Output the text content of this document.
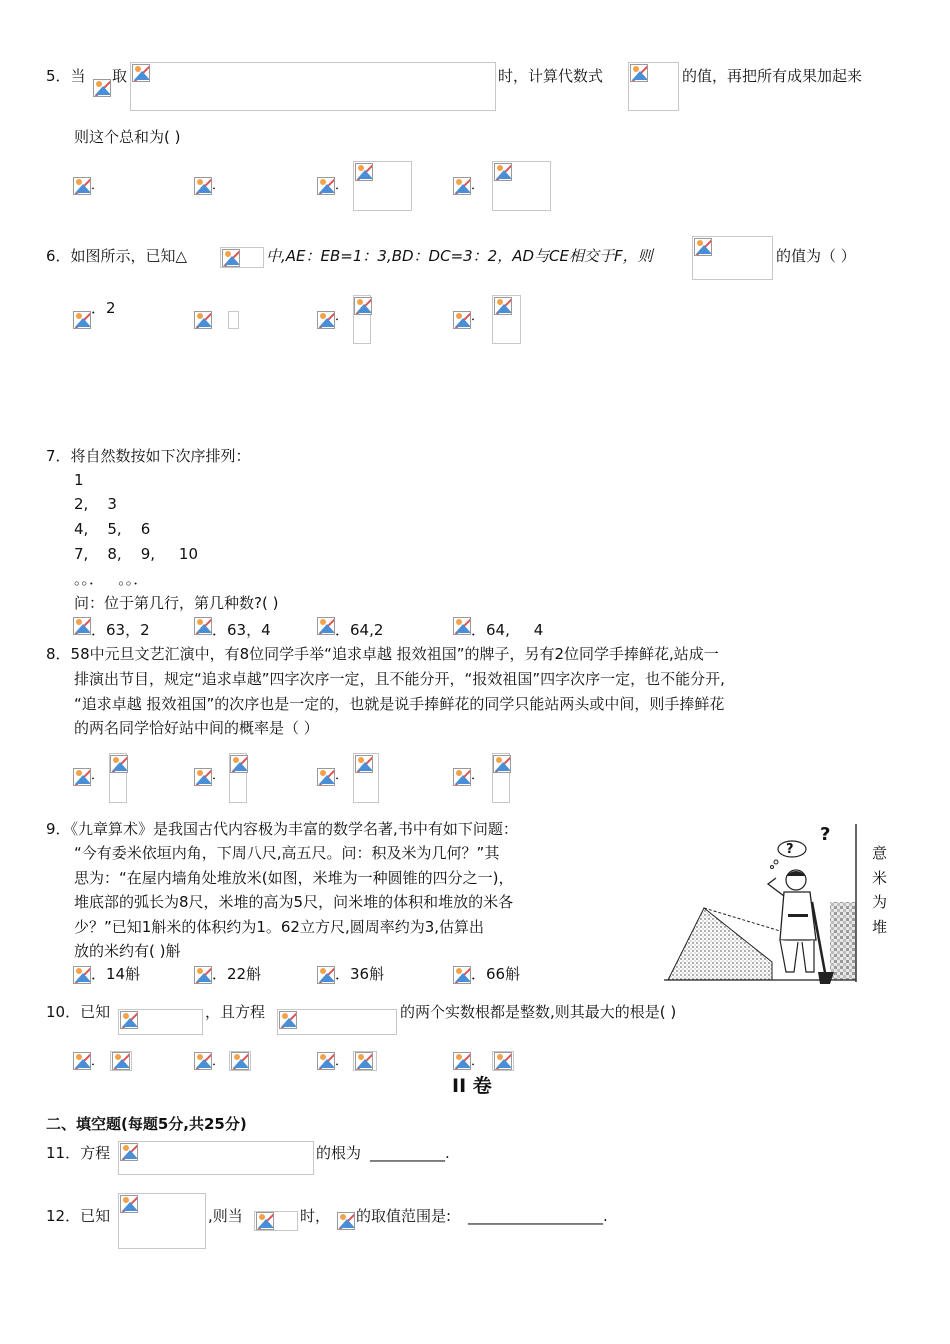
5．当 取	时，计算代数式	的值，再把所有成果加起来
则这个总和为( )
．	．	．	．
6．如图所示，已知△	中,AE：EB=1：3,BD：DC=3：2，AD与CE相交于F，则	的值为（ ）
．2	．	．
7．将自然数按如下次序排列：
1
2,    3
4,    5,    6
7,    8,    9,     10
。。．   。。．
问：位于第几行，第几种数?( )
．63，2	．63，4	．64,2	．64,     4
8．58中元旦文艺汇演中，有8位同学手举“追求卓越 报效祖国”的牌子，另有2位同学手捧鲜花,站成一
排演出节目，规定“追求卓越”四字次序一定，且不能分开，“报效祖国”四字次序一定，也不能分开,
“追求卓越 报效祖国”的次序也是一定的，也就是说手捧鲜花的同学只能站两头或中间，则手捧鲜花
的两名同学恰好站中间的概率是（ ）
．	．	．	．
9．《九章算术》是我国古代内容极为丰富的数学名著,书中有如下问题：
“今有委米依垣内角，下周八尺,高五尺。问：积及米为几何？”其
思为：“在屋内墙角处堆放米(如图，米堆为一种圆锥的四分之一)，
堆底部的弧长为8尺，米堆的高为5尺，问米堆的体积和堆放的米各
少？”已知1斛米的体积约为1。62立方尺,圆周率约为3,估算出
放的米约有( )斛
意
米
为
堆
?
?
．14斛	．22斛	．36斛	．66斛
10．已知	，且方程	的两个实数根都是整数,则其最大的根是( )
．	．	．	．
II 卷
二、填空题(每题5分,共25分)
11．方程	的根为 __________.
12．已知	,则当	时， 的取值范围是: __________________.
